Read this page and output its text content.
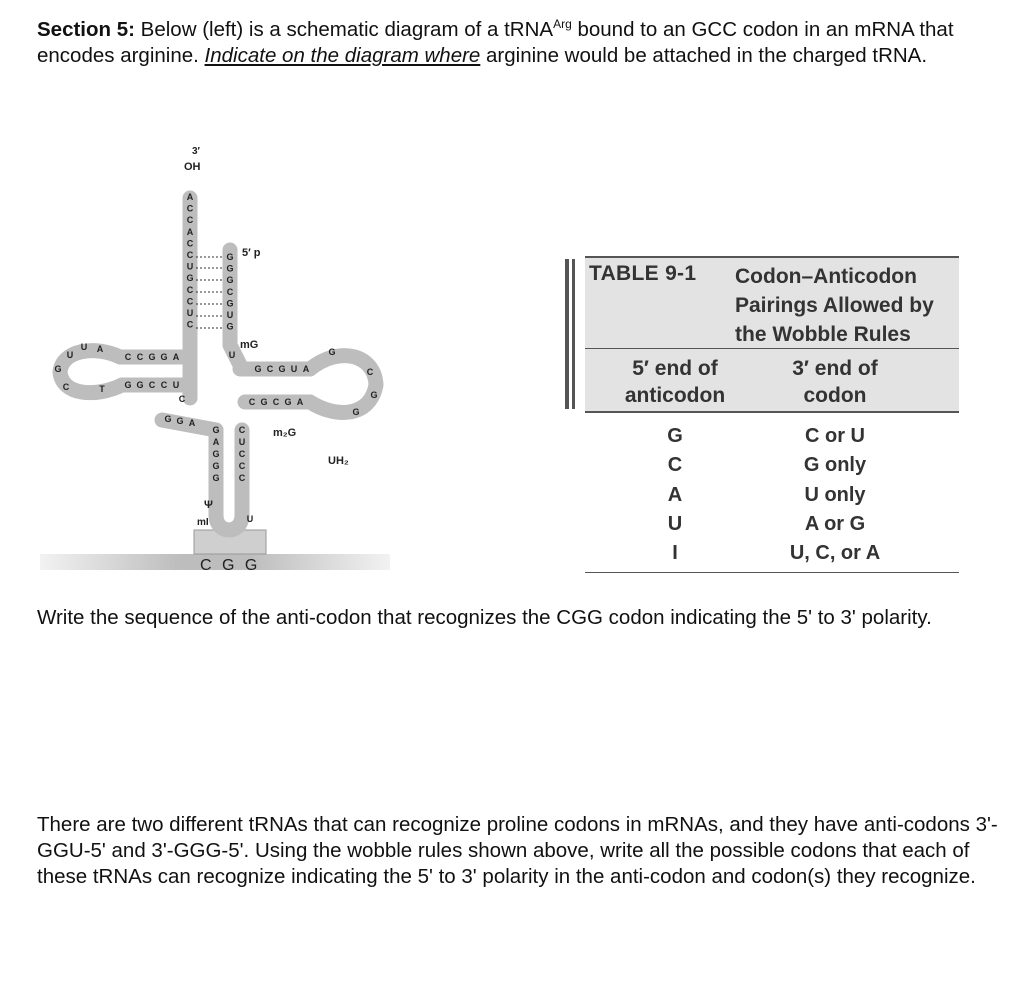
Section 5: Below (left) is a schematic diagram of a tRNA$^{Arg}$ bound to an GCC codon in an mRNA that encodes arginine. Indicate on the diagram where arginine would be attached in the charged tRNA.
3′
OH
5′ p
mG
m₂G
UH₂
Ψ
mI
C G G
A
C
C
A
C
C
U
G
C
C
U
C
G
G
G
C
G
U
G
C C G G A
G G C C U
A
U
U
G
C	T
C
G C G U A
C G C G A
G
C
G
G
G G A
U
G
A
G
G
G
C
U
C
C
C
U
TABLE 9-1 Codon–Anticodon
Pairings Allowed by
the Wobble Rules
5′ end of
anticodon
3′ end of
codon
G	C or U
C	G only
A	U only
U	A or G
I	U, C, or A
Write the sequence of the anti-codon that recognizes the CGG codon indicating the 5' to 3' polarity.
There are two different tRNAs that can recognize proline codons in mRNAs, and they have anti-codons 3'-GGU-5' and 3'-GGG-5'. Using the wobble rules shown above, write all the possible codons that each of these tRNAs can recognize indicating the 5' to 3' polarity in the anti-codon and codon(s) they recognize.
